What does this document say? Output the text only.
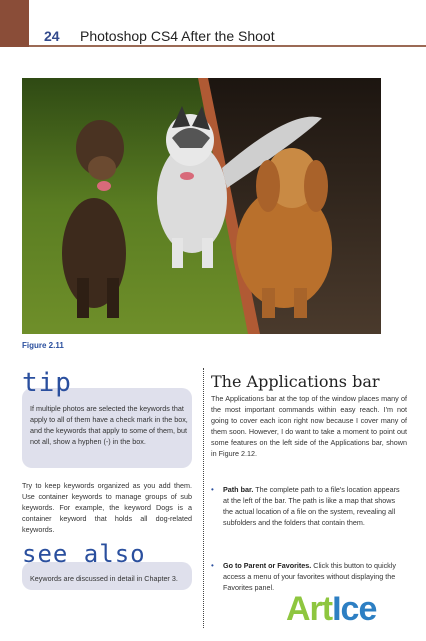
24 Photoshop CS4 After the Shoot
Figure 2.11
tip
If multiple photos are selected the keywords that apply to all of them have a check mark in the box, and the keywords that apply to some of them, but not all, show a hyphen (-) in the box.
Try to keep keywords organized as you add them. Use container keywords to manage groups of sub keywords. For example, the keyword Dogs is a container keyword that holds all dog-related keywords.
see also
Keywords are discussed in detail in Chapter 3.
The Applications bar
The Applications bar at the top of the window places many of the most important commands within easy reach. I'm not going to cover each icon right now because I cover many of them soon. However, I do want to take a moment to point out some features on the left side of the Applications bar, shown in Figure 2.12.
• Path bar. The complete path to a file's location appears at the left of the bar. The path is like a map that shows the actual location of a file on the system, revealing all subfolders and the folders that contain them.
• Go to Parent or Favorites. Click this button to quickly access a menu of your favorites without displaying the Favorites panel.
ArtIce
